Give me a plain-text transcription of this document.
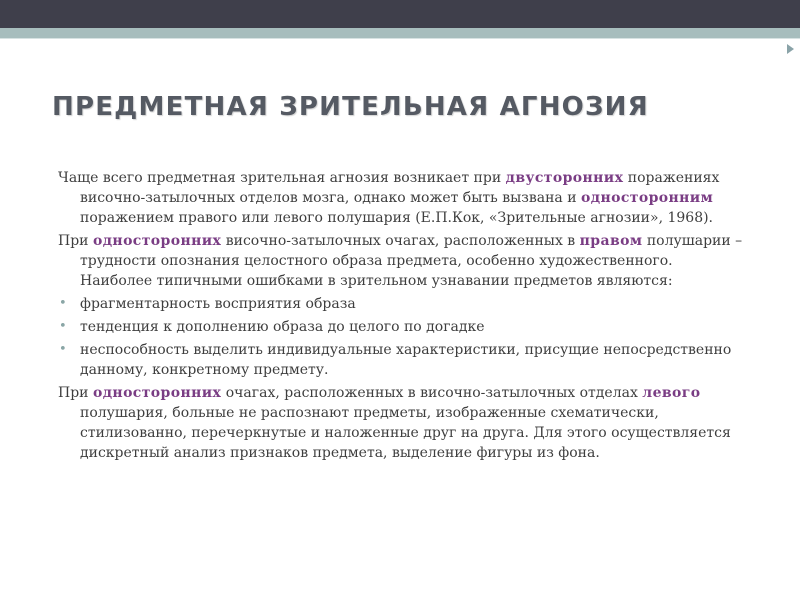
ПРЕДМЕТНАЯ ЗРИТЕЛЬНАЯ АГНОЗИЯ

Чаще всего предметная зрительная агнозия возникает при двусторонних поражениях височно-затылочных отделов мозга, однако может быть вызвана и односторонним поражением правого или левого полушария (Е.П.Кок, «Зрительные агнозии», 1968).

При односторонних височно-затылочных очагах, расположенных в правом полушарии – трудности опознания целостного образа предмета, особенно художественного. Наиболее типичными ошибками в зрительном узнавании предметов являются:

• фрагментарность восприятия образа

• тенденция к дополнению образа до целого по догадке

• неспособность выделить индивидуальные характеристики, присущие непосредственно данному, конкретному предмету.

При односторонних очагах, расположенных в височно-затылочных отделах левого полушария, больные не распознают предметы, изображенные схематически, стилизованно, перечеркнутые и наложенные друг на друга. Для этого осуществляется дискретный анализ признаков предмета, выделение фигуры из фона.
